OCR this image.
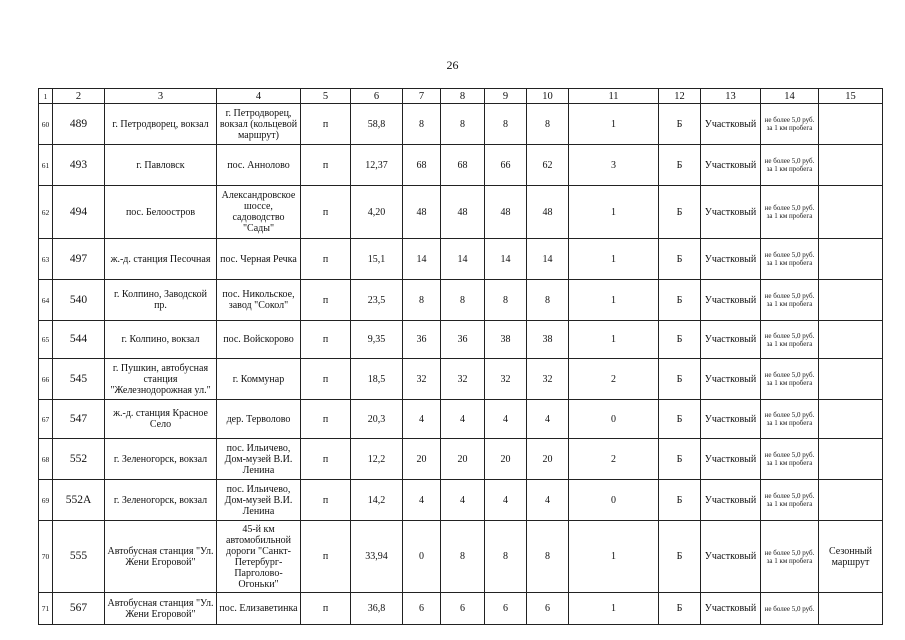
26
1	2	3	4	5	6	7	8	9	10	11	12	13	14	15
60	489	г. Петродворец, вокзал	г. Петродворец, вокзал (кольцевой маршрут)	п	58,8	8	8	8	8	1	Б	Участковый	не более 5,0 руб. за 1 км пробега	
61	493	г. Павловск	пос. Аннолово	п	12,37	68	68	66	62	3	Б	Участковый	не более 5,0 руб. за 1 км пробега	
62	494	пос. Белоостров	Александровское шоссе, садоводство "Сады"	п	4,20	48	48	48	48	1	Б	Участковый	не более 5,0 руб. за 1 км пробега	
63	497	ж.-д. станция Песочная	пос. Черная Речка	п	15,1	14	14	14	14	1	Б	Участковый	не более 5,0 руб. за 1 км пробега	
64	540	г. Колпино, Заводской пр.	пос. Никольское, завод "Сокол"	п	23,5	8	8	8	8	1	Б	Участковый	не более 5,0 руб. за 1 км пробега	
65	544	г. Колпино, вокзал	пос. Войскорово	п	9,35	36	36	38	38	1	Б	Участковый	не более 5,0 руб. за 1 км пробега	
66	545	г. Пушкин, автобусная станция "Железнодорожная ул."	г. Коммунар	п	18,5	32	32	32	32	2	Б	Участковый	не более 5,0 руб. за 1 км пробега	
67	547	ж.-д. станция Красное Село	дер. Терволово	п	20,3	4	4	4	4	0	Б	Участковый	не более 5,0 руб. за 1 км пробега	
68	552	г. Зеленогорск, вокзал	пос. Ильичево, Дом-музей В.И. Ленина	п	12,2	20	20	20	20	2	Б	Участковый	не более 5,0 руб. за 1 км пробега	
69	552А	г. Зеленогорск, вокзал	пос. Ильичево, Дом-музей В.И. Ленина	п	14,2	4	4	4	4	0	Б	Участковый	не более 5,0 руб. за 1 км пробега	
70	555	Автобусная станция "Ул. Жени Егоровой"	45-й км автомобильной дороги "Санкт-Петербург-Парголово-Огоньки"	п	33,94	0	8	8	8	1	Б	Участковый	не более 5,0 руб. за 1 км пробега	Сезонный маршрут
71	567	Автобусная станция "Ул. Жени Егоровой"	пос. Елизаветинка	п	36,8	6	6	6	6	1	Б	Участковый	не более 5,0 руб.	
